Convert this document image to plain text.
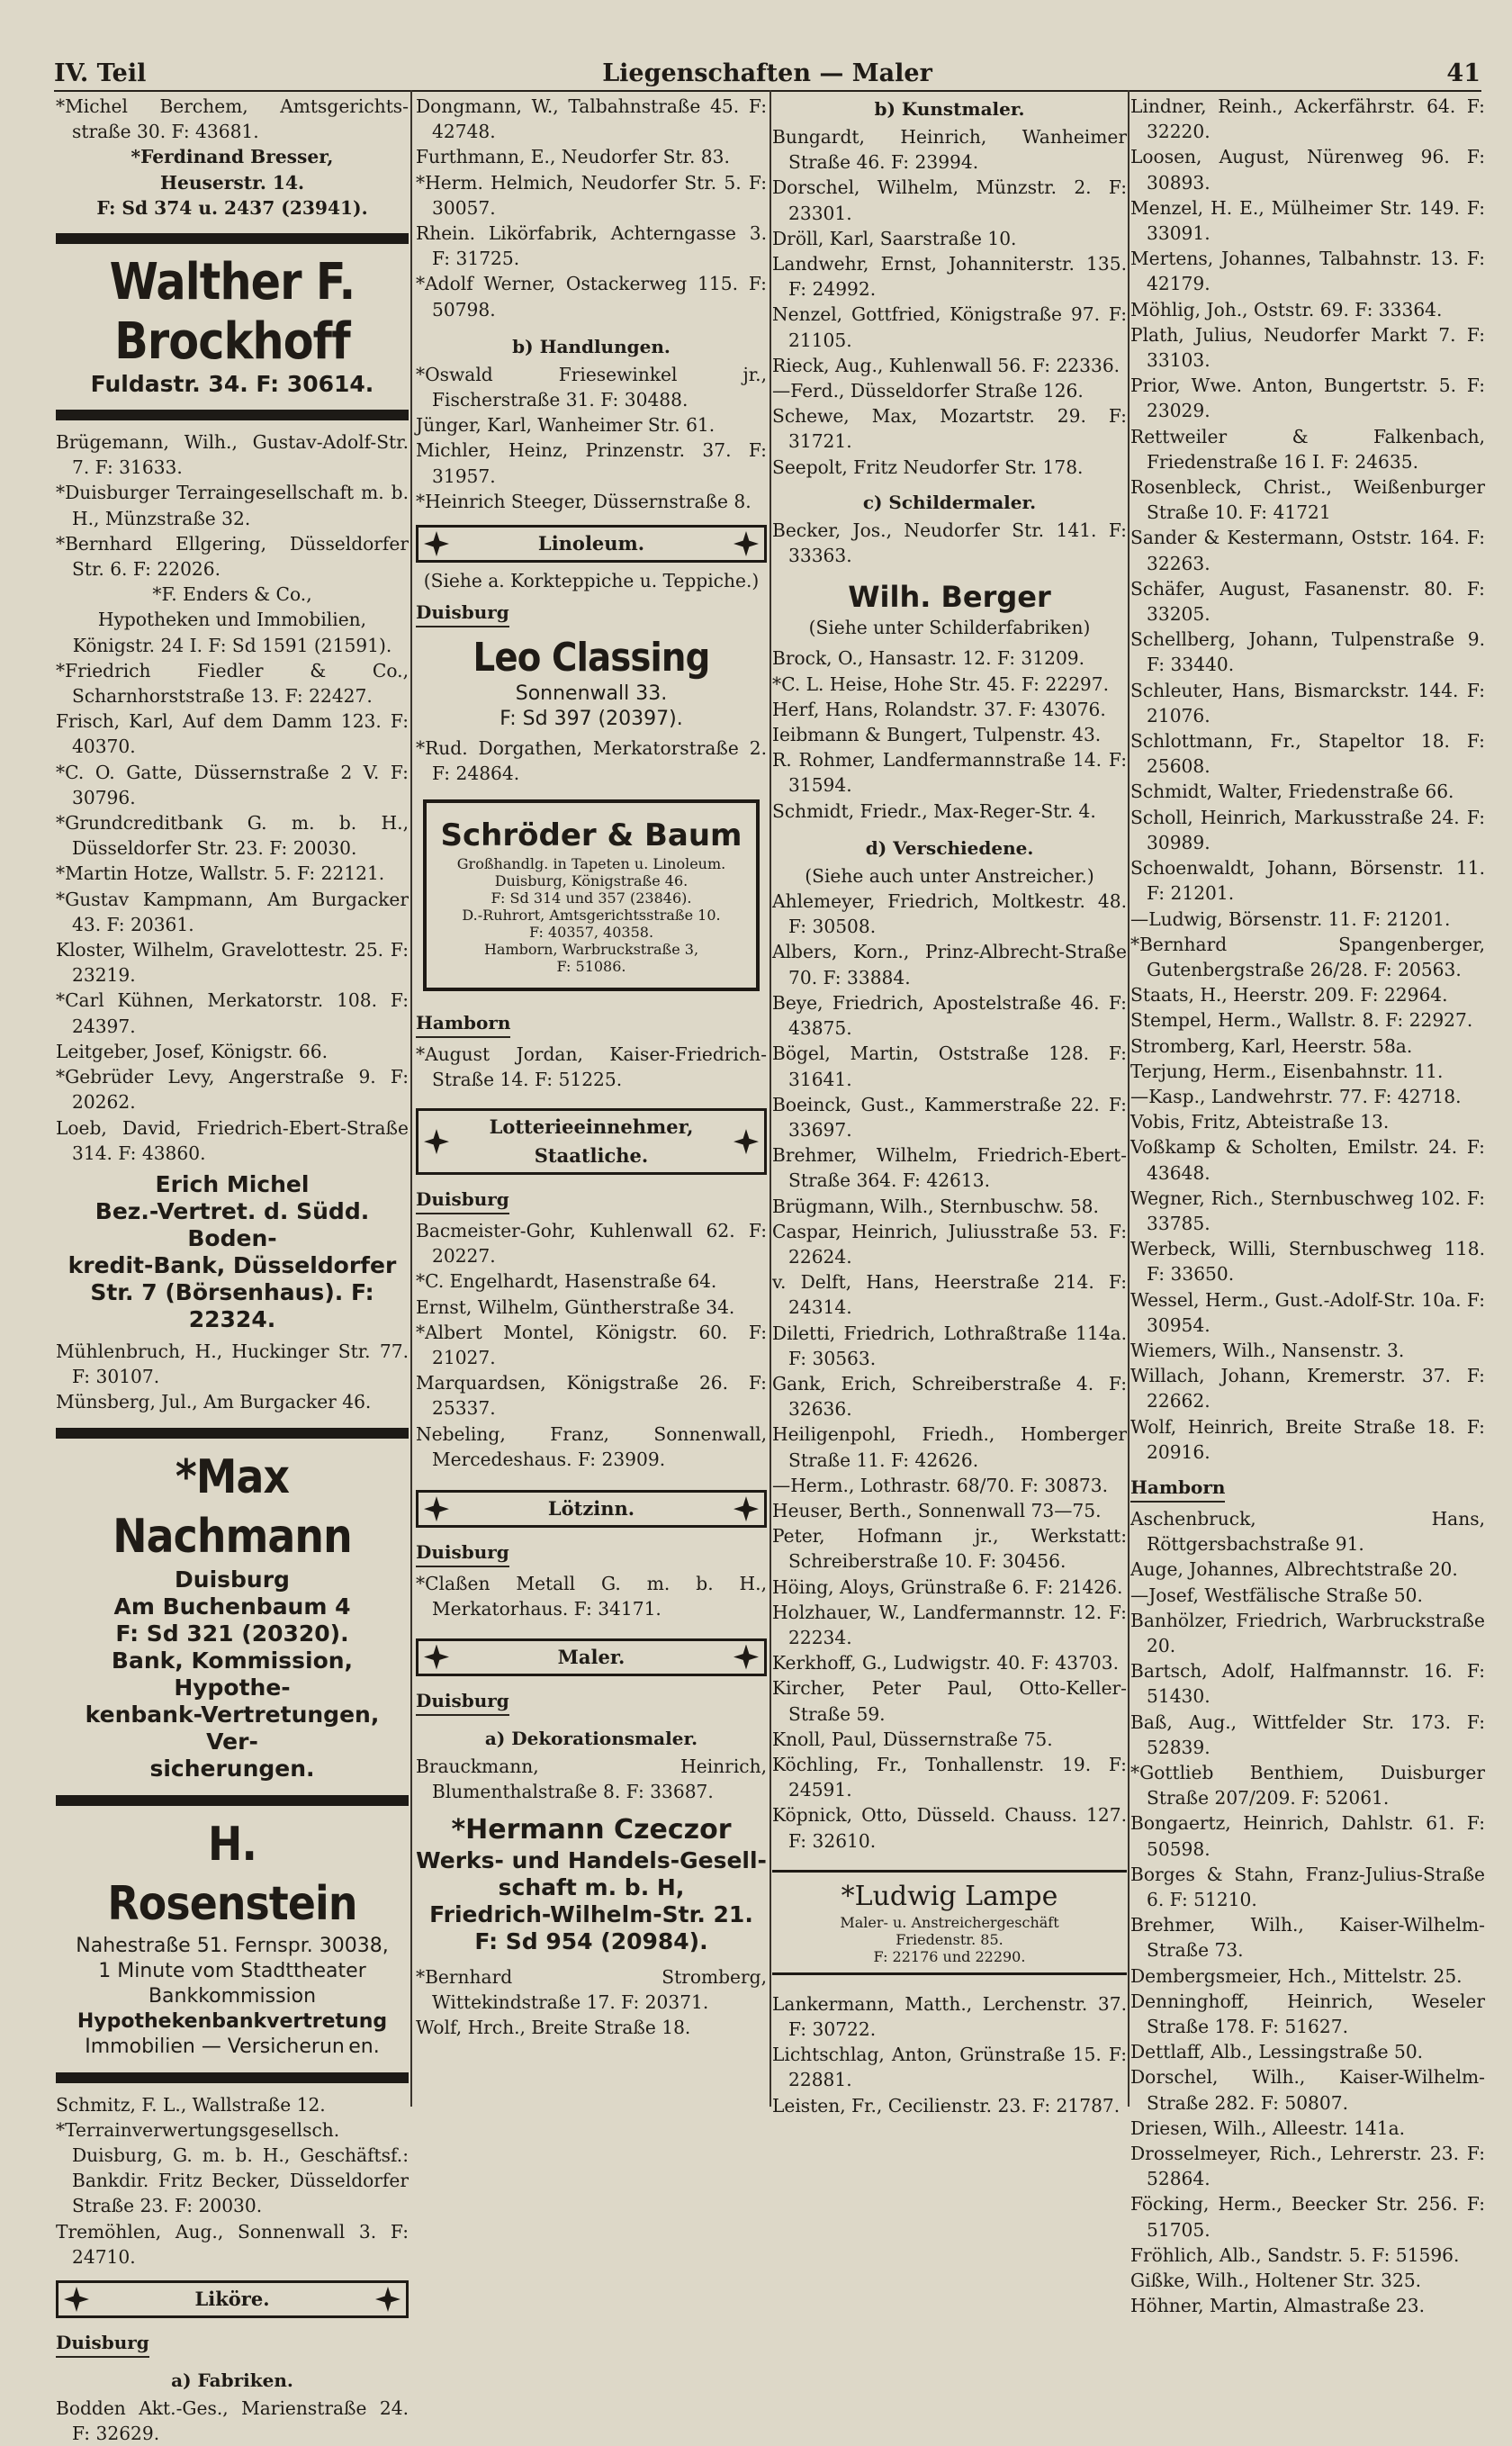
Liegenschaften — Maler
IV. Teil	41
*Michel Berchem, Amtsgerichts-straße 30. F: 43681.
*Ferdinand Bresser,
Heuserstr. 14.
F: Sd 374 u. 2437 (23941).
Walther F. Brockhoff
Fuldastr. 34. F: 30614.
Brügemann, Wilh., Gustav-Adolf-Str. 7. F: 31633.
*Duisburger Terraingesellschaft m. b. H., Münzstraße 32.
*Bernhard Ellgering, Düsseldorfer Str. 6. F: 22026.
*F. Enders & Co.,
Hypotheken und Immobilien,
Königstr. 24 I. F: Sd 1591 (21591).
*Friedrich Fiedler & Co., Scharnhorststraße 13. F: 22427.
Frisch, Karl, Auf dem Damm 123. F: 40370.
*C. O. Gatte, Düssernstraße 2 V. F: 30796.
*Grundcreditbank G. m. b. H., Düsseldorfer Str. 23. F: 20030.
*Martin Hotze, Wallstr. 5. F: 22121.
*Gustav Kampmann, Am Burgacker 43. F: 20361.
Kloster, Wilhelm, Gravelottestr. 25. F: 23219.
*Carl Kühnen, Merkatorstr. 108. F: 24397.
Leitgeber, Josef, Königstr. 66.
*Gebrüder Levy, Angerstraße 9. F: 20262.
Loeb, David, Friedrich-Ebert-Straße 314. F: 43860.
Erich Michel
Bez.-Vertret. d. Südd. Boden-
kredit-Bank, Düsseldorfer
Str. 7 (Börsenhaus). F: 22324.
Mühlenbruch, H., Huckinger Str. 77. F: 30107.
Münsberg, Jul., Am Burgacker 46.
*Max Nachmann
Duisburg
Am Buchenbaum 4
F: Sd 321 (20320).
Bank, Kommission, Hypothe-
kenbank-Vertretungen, Ver-
sicherungen.
H. Rosenstein
Nahestraße 51. Fernspr. 30038,
1 Minute vom Stadttheater
Bankkommission
Hypothekenbankvertretung
Immobilien — Versicherun en.
Schmitz, F. L., Wallstraße 12.
*Terrainverwertungsgesellsch. Duisburg, G. m. b. H., Geschäftsf.: Bankdir. Fritz Becker, Düsseldorfer Straße 23. F: 20030.
Tremöhlen, Aug., Sonnenwall 3. F: 24710.
Liköre.
Duisburg
a) Fabriken.
Bodden Akt.-Ges., Marienstraße 24. F: 32629.
Dongmann, W., Talbahnstraße 45. F: 42748.
Furthmann, E., Neudorfer Str. 83.
*Herm. Helmich, Neudorfer Str. 5. F: 30057.
Rhein. Likörfabrik, Achterngasse 3. F: 31725.
*Adolf Werner, Ostackerweg 115. F: 50798.
b) Handlungen.
*Oswald Friesewinkel jr., Fischerstraße 31. F: 30488.
Jünger, Karl, Wanheimer Str. 61.
Michler, Heinz, Prinzenstr. 37. F: 31957.
*Heinrich Steeger, Düssernstraße 8.
Linoleum.
(Siehe a. Korkteppiche u. Teppiche.)
Duisburg
Leo Classing
Sonnenwall 33.
F: Sd 397 (20397).
*Rud. Dorgathen, Merkatorstraße 2. F: 24864.
Schröder & Baum
Großhandlg. in Tapeten u. Linoleum.
Duisburg, Königstraße 46.
F: Sd 314 und 357 (23846).
D.-Ruhrort, Amtsgerichtsstraße 10.
F: 40357, 40358.
Hamborn, Warbruckstraße 3,
F: 51086.
Hamborn
*August Jordan, Kaiser-Friedrich-Straße 14. F: 51225.
Lotterieeinnehmer,
Staatliche.
Duisburg
Bacmeister-Gohr, Kuhlenwall 62. F: 20227.
*C. Engelhardt, Hasenstraße 64.
Ernst, Wilhelm, Güntherstraße 34.
*Albert Montel, Königstr. 60. F: 21027.
Marquardsen, Königstraße 26. F: 25337.
Nebeling, Franz, Sonnenwall, Mercedeshaus. F: 23909.
Lötzinn.
Duisburg
*Claßen Metall G. m. b. H., Merkatorhaus. F: 34171.
Maler.
Duisburg
a) Dekorationsmaler.
Brauckmann, Heinrich, Blumenthalstraße 8. F: 33687.
*Hermann Czeczor
Werks- und Handels-Gesell-
schaft m. b. H,
Friedrich-Wilhelm-Str. 21.
F: Sd 954 (20984).
*Bernhard Stromberg, Wittekindstraße 17. F: 20371.
Wolf, Hrch., Breite Straße 18.
b) Kunstmaler.
Bungardt, Heinrich, Wanheimer Straße 46. F: 23994.
Dorschel, Wilhelm, Münzstr. 2. F: 23301.
Dröll, Karl, Saarstraße 10.
Landwehr, Ernst, Johanniterstr. 135. F: 24992.
Nenzel, Gottfried, Königstraße 97. F: 21105.
Rieck, Aug., Kuhlenwall 56. F: 22336.
—Ferd., Düsseldorfer Straße 126.
Schewe, Max, Mozartstr. 29. F: 31721.
Seepolt, Fritz Neudorfer Str. 178.
c) Schildermaler.
Becker, Jos., Neudorfer Str. 141. F: 33363.
Wilh. Berger
(Siehe unter Schilderfabriken)
Brock, O., Hansastr. 12. F: 31209.
*C. L. Heise, Hohe Str. 45. F: 22297.
Herf, Hans, Rolandstr. 37. F: 43076.
Ieibmann & Bungert, Tulpenstr. 43.
R. Rohmer, Landfermannstraße 14. F: 31594.
Schmidt, Friedr., Max-Reger-Str. 4.
d) Verschiedene.
(Siehe auch unter Anstreicher.)
Ahlemeyer, Friedrich, Moltkestr. 48. F: 30508.
Albers, Korn., Prinz-Albrecht-Straße 70. F: 33884.
Beye, Friedrich, Apostelstraße 46. F: 43875.
Bögel, Martin, Oststraße 128. F: 31641.
Boeinck, Gust., Kammerstraße 22. F: 33697.
Brehmer, Wilhelm, Friedrich-Ebert-Straße 364. F: 42613.
Brügmann, Wilh., Sternbuschw. 58.
Caspar, Heinrich, Juliusstraße 53. F: 22624.
v. Delft, Hans, Heerstraße 214. F: 24314.
Diletti, Friedrich, Lothraßtraße 114a. F: 30563.
Gank, Erich, Schreiberstraße 4. F: 32636.
Heiligenpohl, Friedh., Homberger Straße 11. F: 42626.
—Herm., Lothrastr. 68/70. F: 30873.
Heuser, Berth., Sonnenwall 73—75.
Peter, Hofmann jr., Werkstatt: Schreiberstraße 10. F: 30456.
Höing, Aloys, Grünstraße 6. F: 21426.
Holzhauer, W., Landfermannstr. 12. F: 22234.
Kerkhoff, G., Ludwigstr. 40. F: 43703.
Kircher, Peter Paul, Otto-Keller-Straße 59.
Knoll, Paul, Düssernstraße 75.
Köchling, Fr., Tonhallenstr. 19. F: 24591.
Köpnick, Otto, Düsseld. Chauss. 127. F: 32610.
*Ludwig Lampe
Maler- u. Anstreichergeschäft
Friedenstr. 85.
F: 22176 und 22290.
Lankermann, Matth., Lerchenstr. 37. F: 30722.
Lichtschlag, Anton, Grünstraße 15. F: 22881.
Leisten, Fr., Cecilienstr. 23. F: 21787.
Lindner, Reinh., Ackerfährstr. 64. F: 32220.
Loosen, August, Nürenweg 96. F: 30893.
Menzel, H. E., Mülheimer Str. 149. F: 33091.
Mertens, Johannes, Talbahnstr. 13. F: 42179.
Möhlig, Joh., Oststr. 69. F: 33364.
Plath, Julius, Neudorfer Markt 7. F: 33103.
Prior, Wwe. Anton, Bungertstr. 5. F: 23029.
Rettweiler & Falkenbach, Friedenstraße 16 I. F: 24635.
Rosenbleck, Christ., Weißenburger Straße 10. F: 41721
Sander & Kestermann, Oststr. 164. F: 32263.
Schäfer, August, Fasanenstr. 80. F: 33205.
Schellberg, Johann, Tulpenstraße 9. F: 33440.
Schleuter, Hans, Bismarckstr. 144. F: 21076.
Schlottmann, Fr., Stapeltor 18. F: 25608.
Schmidt, Walter, Friedenstraße 66.
Scholl, Heinrich, Markusstraße 24. F: 30989.
Schoenwaldt, Johann, Börsenstr. 11. F: 21201.
—Ludwig, Börsenstr. 11. F: 21201.
*Bernhard Spangenberger, Gutenbergstraße 26/28. F: 20563.
Staats, H., Heerstr. 209. F: 22964.
Stempel, Herm., Wallstr. 8. F: 22927.
Stromberg, Karl, Heerstr. 58a.
Terjung, Herm., Eisenbahnstr. 11.
—Kasp., Landwehrstr. 77. F: 42718.
Vobis, Fritz, Abteistraße 13.
Voßkamp & Scholten, Emilstr. 24. F: 43648.
Wegner, Rich., Sternbuschweg 102. F: 33785.
Werbeck, Willi, Sternbuschweg 118. F: 33650.
Wessel, Herm., Gust.-Adolf-Str. 10a. F: 30954.
Wiemers, Wilh., Nansenstr. 3.
Willach, Johann, Kremerstr. 37. F: 22662.
Wolf, Heinrich, Breite Straße 18. F: 20916.
Hamborn
Aschenbruck, Hans, Röttgersbachstraße 91.
Auge, Johannes, Albrechtstraße 20.
—Josef, Westfälische Straße 50.
Banhölzer, Friedrich, Warbruckstraße 20.
Bartsch, Adolf, Halfmannstr. 16. F: 51430.
Baß, Aug., Wittfelder Str. 173. F: 52839.
*Gottlieb Benthiem, Duisburger Straße 207/209. F: 52061.
Bongaertz, Heinrich, Dahlstr. 61. F: 50598.
Borges & Stahn, Franz-Julius-Straße 6. F: 51210.
Brehmer, Wilh., Kaiser-Wilhelm-Straße 73.
Dembergsmeier, Hch., Mittelstr. 25.
Denninghoff, Heinrich, Weseler Straße 178. F: 51627.
Dettlaff, Alb., Lessingstraße 50.
Dorschel, Wilh., Kaiser-Wilhelm-Straße 282. F: 50807.
Driesen, Wilh., Alleestr. 141a.
Drosselmeyer, Rich., Lehrerstr. 23. F: 52864.
Föcking, Herm., Beecker Str. 256. F: 51705.
Fröhlich, Alb., Sandstr. 5. F: 51596.
Gißke, Wilh., Holtener Str. 325.
Höhner, Martin, Almastraße 23.
